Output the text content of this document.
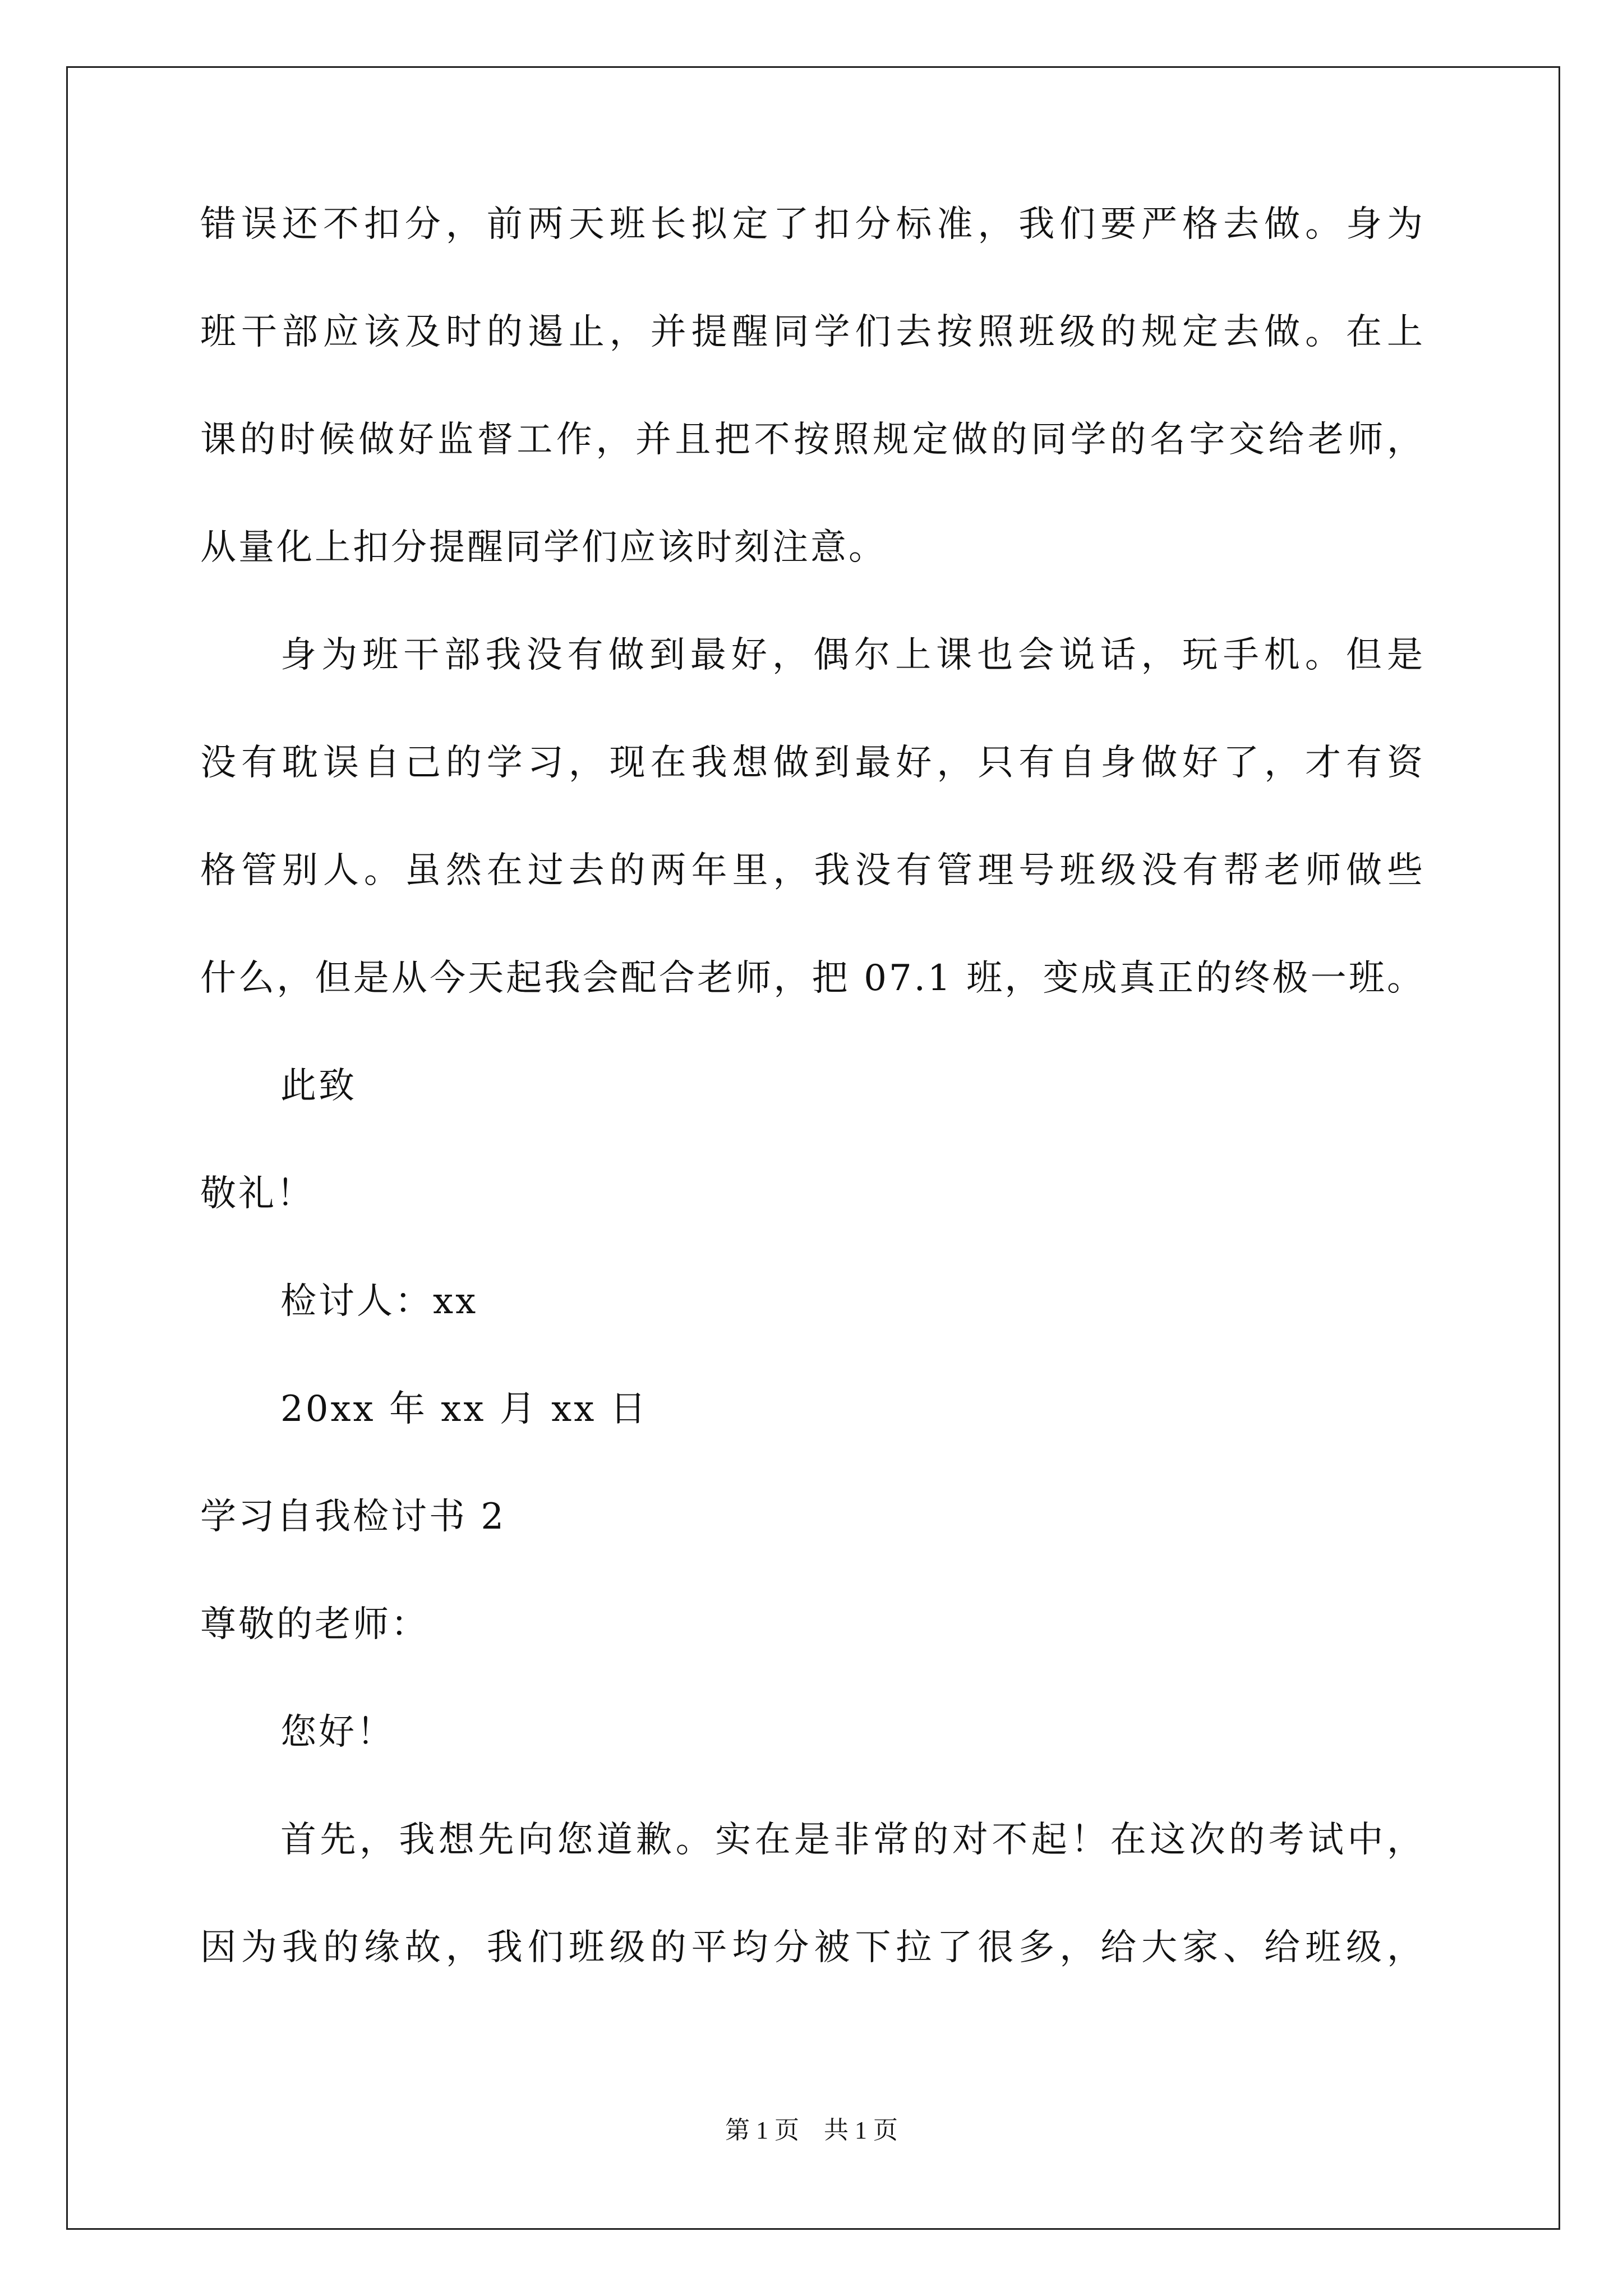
错误还不扣分，前两天班长拟定了扣分标准，我们要严格去做。身为
班干部应该及时的遏止，并提醒同学们去按照班级的规定去做。在上
课的时候做好监督工作，并且把不按照规定做的同学的名字交给老师，
从量化上扣分提醒同学们应该时刻注意。
身为班干部我没有做到最好，偶尔上课也会说话，玩手机。但是
没有耽误自己的学习，现在我想做到最好，只有自身做好了，才有资
格管别人。虽然在过去的两年里，我没有管理号班级没有帮老师做些
什么，但是从今天起我会配合老师，把 07.1 班，变成真正的终极一班。
此致
敬礼！
检讨人：xx
20xx 年 xx 月 xx 日
学习自我检讨书 2
尊敬的老师：
您好！
首先，我想先向您道歉。实在是非常的对不起！在这次的考试中，
因为我的缘故，我们班级的平均分被下拉了很多，给大家、给班级，
第 1 页    共 1 页
